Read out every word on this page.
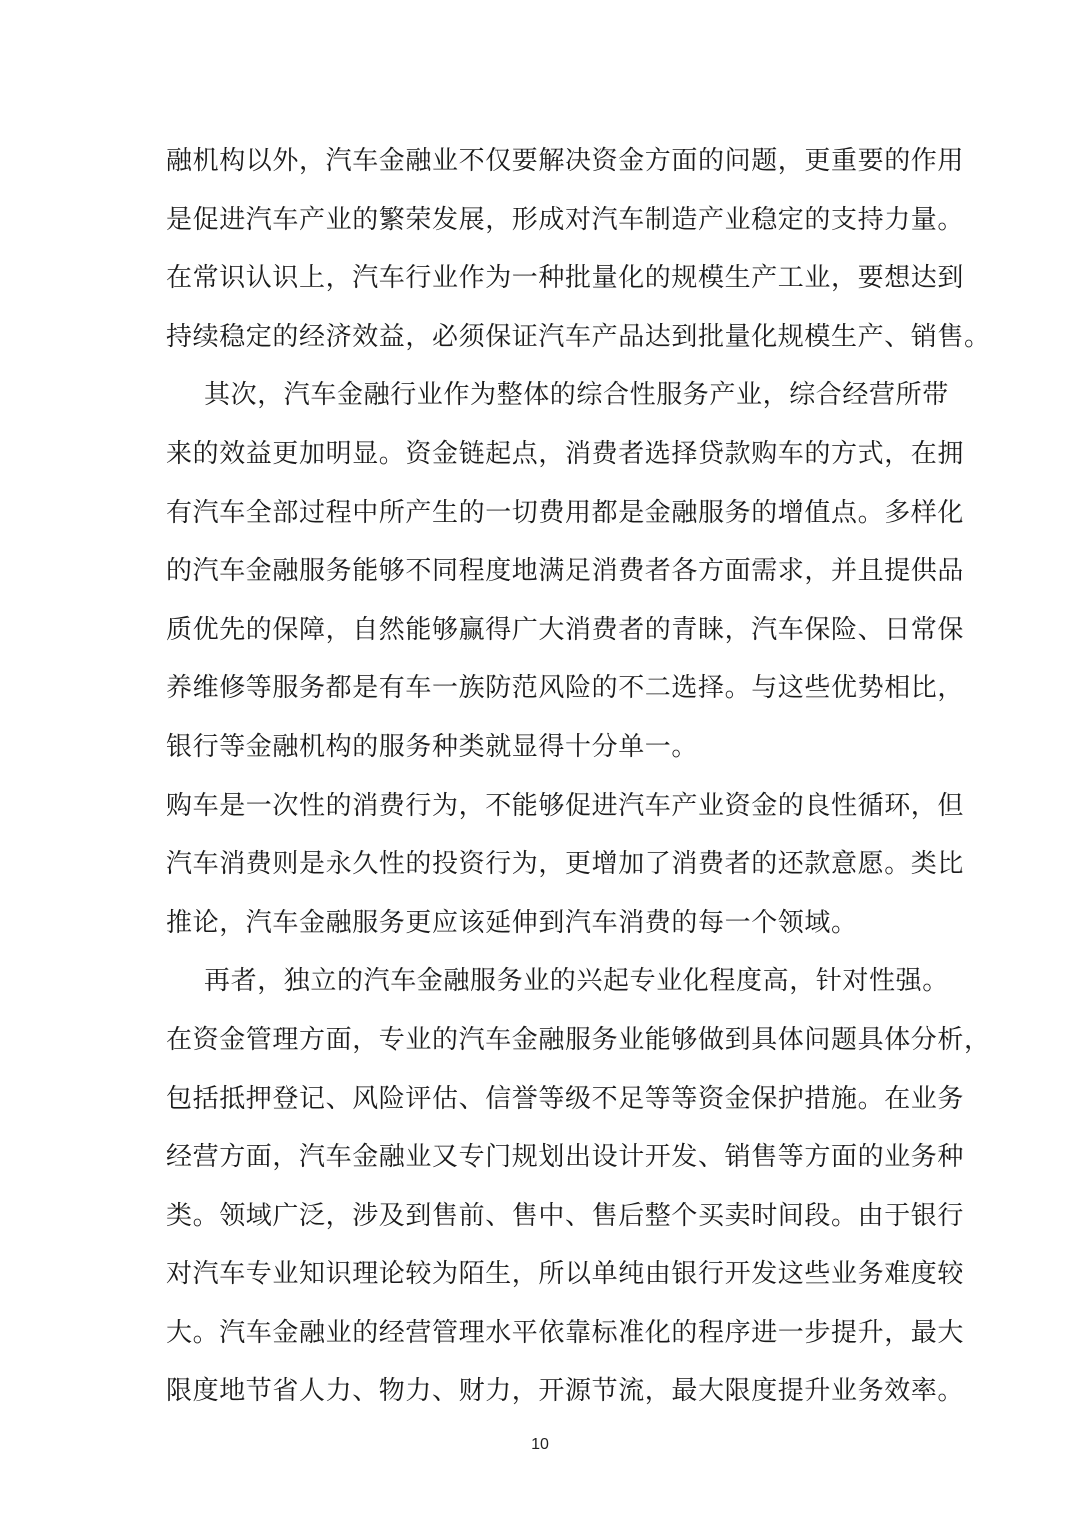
融机构以外，汽车金融业不仅要解决资金方面的问题，更重要的作用
是促进汽车产业的繁荣发展，形成对汽车制造产业稳定的支持力量。
在常识认识上，汽车行业作为一种批量化的规模生产工业，要想达到
持续稳定的经济效益，必须保证汽车产品达到批量化规模生产、销售。
其次，汽车金融行业作为整体的综合性服务产业，综合经营所带
来的效益更加明显。资金链起点，消费者选择贷款购车的方式，在拥
有汽车全部过程中所产生的一切费用都是金融服务的增值点。多样化
的汽车金融服务能够不同程度地满足消费者各方面需求，并且提供品
质优先的保障，自然能够赢得广大消费者的青睐，汽车保险、日常保
养维修等服务都是有车一族防范风险的不二选择。与这些优势相比，
银行等金融机构的服务种类就显得十分单一。
购车是一次性的消费行为，不能够促进汽车产业资金的良性循环，但
汽车消费则是永久性的投资行为，更增加了消费者的还款意愿。类比
推论，汽车金融服务更应该延伸到汽车消费的每一个领域。
再者，独立的汽车金融服务业的兴起专业化程度高，针对性强。
在资金管理方面，专业的汽车金融服务业能够做到具体问题具体分析，
包括抵押登记、风险评估、信誉等级不足等等资金保护措施。在业务
经营方面，汽车金融业又专门规划出设计开发、销售等方面的业务种
类。领域广泛，涉及到售前、售中、售后整个买卖时间段。由于银行
对汽车专业知识理论较为陌生，所以单纯由银行开发这些业务难度较
大。汽车金融业的经营管理水平依靠标准化的程序进一步提升，最大
限度地节省人力、物力、财力，开源节流，最大限度提升业务效率。
10
